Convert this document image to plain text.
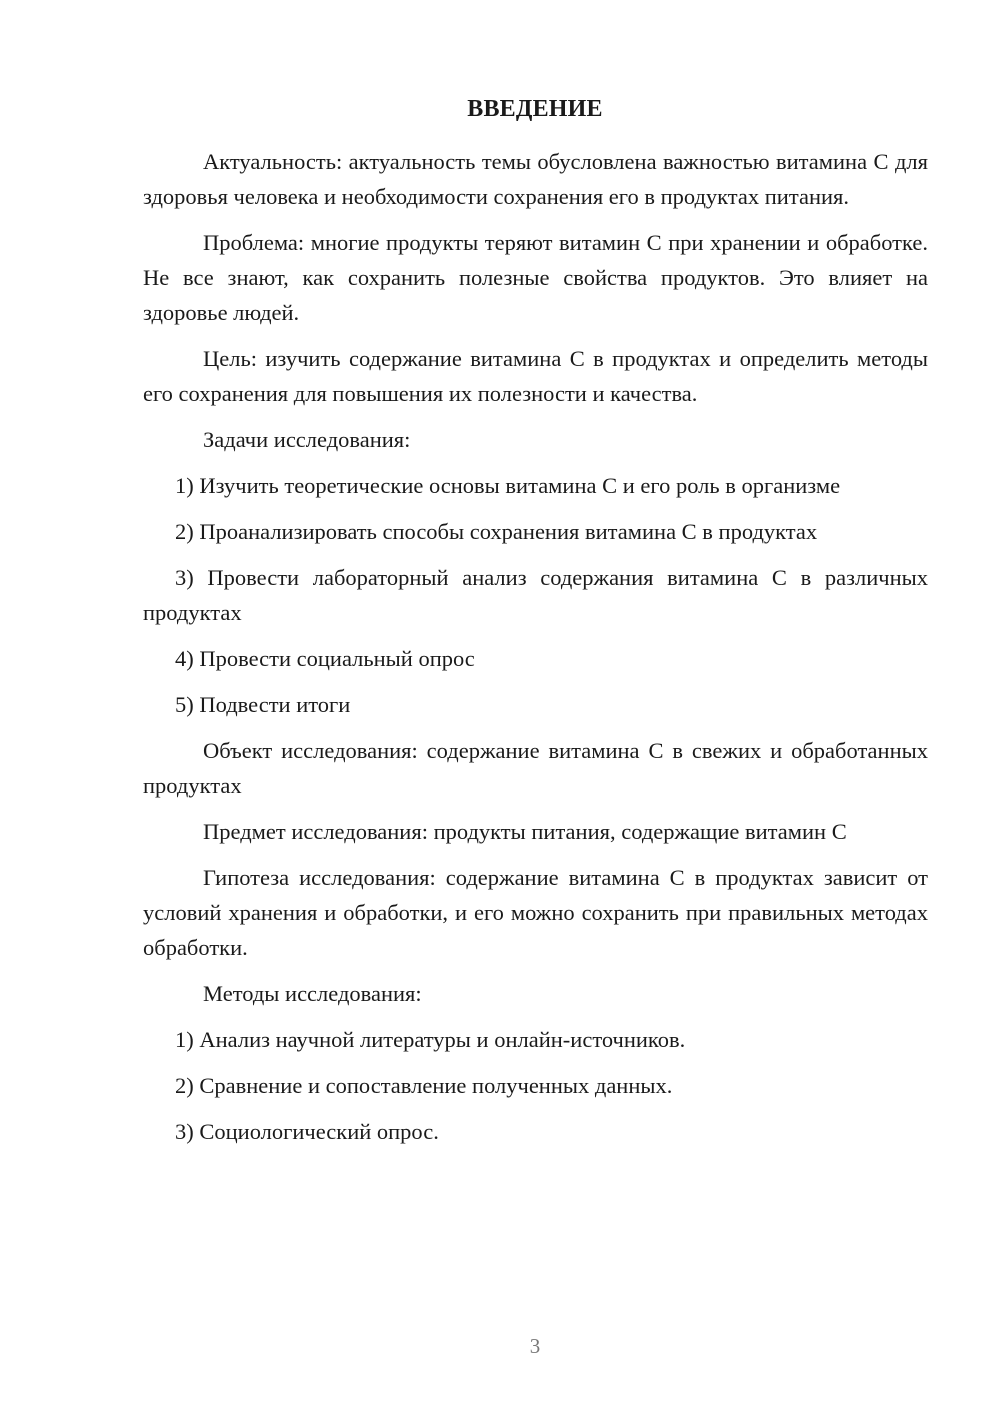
ВВЕДЕНИЕ

Актуальность: актуальность темы обусловлена важностью витамина С для здоровья человека и необходимости сохранения его в продуктах питания.

Проблема: многие продукты теряют витамин С при хранении и обработке. Не все знают, как сохранить полезные свойства продуктов. Это влияет на здоровье людей.

Цель: изучить содержание витамина С в продуктах и определить методы его сохранения для повышения их полезности и качества.

Задачи исследования:

1) Изучить теоретические основы витамина С и его роль в организме

2) Проанализировать способы сохранения витамина С в продуктах

3) Провести лабораторный анализ содержания витамина С в различных продуктах

4) Провести социальный опрос

5) Подвести итоги

Объект исследования: содержание витамина С в свежих и обработанных продуктах

Предмет исследования: продукты питания, содержащие витамин С

Гипотеза исследования: содержание витамина С в продуктах зависит от условий хранения и обработки, и его можно сохранить при правильных методах обработки.

Методы исследования:

1) Анализ научной литературы и онлайн-источников.

2) Сравнение и сопоставление полученных данных.

3) Социологический опрос.

3
